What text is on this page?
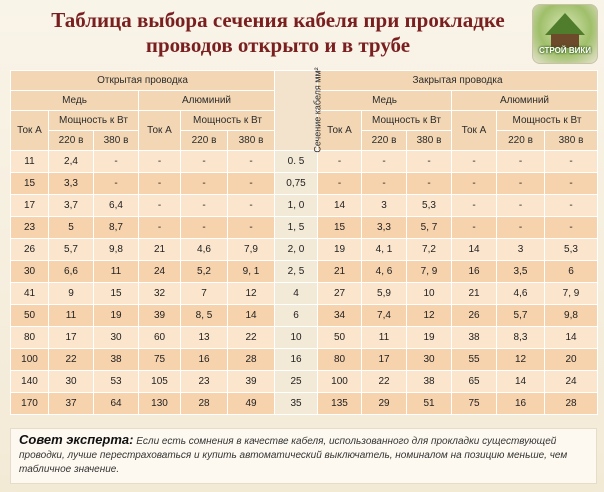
Таблица выбора сечения кабеля при прокладке
проводов открыто и в трубе	СТРОЙ ВИКИ
Открытая проводка						Сечение кабеля мм²	Закрытая проводка					
Медь			Алюминий				Медь			Алюминий		
Ток А	Мощность к Вт		Ток А	Мощность к Вт			Ток А	Мощность к Вт		Ток А	Мощность к Вт	
	220 в	380 в		220 в	380 в			220 в	380 в		220 в	380 в
11	2,4	-	-	-	-	0. 5	-	-	-	-	-	-
15	3,3	-	-	-	-	0,75	-	-	-	-	-	-
17	3,7	6,4	-	-	-	1, 0	14	3	5,3	-	-	-
23	5	8,7	-	-	-	1, 5	15	3,3	5, 7	-	-	-
26	5,7	9,8	21	4,6	7,9	2, 0	19	4, 1	7,2	14	3	5,3
30	6,6	11	24	5,2	9, 1	2, 5	21	4, 6	7, 9	16	3,5	6
41	9	15	32	7	12	4	27	5,9	10	21	4,6	7, 9
50	11	19	39	8, 5	14	6	34	7,4	12	26	5,7	9,8
80	17	30	60	13	22	10	50	11	19	38	8,3	14
100	22	38	75	16	28	16	80	17	30	55	12	20
140	30	53	105	23	39	25	100	22	38	65	14	24
170	37	64	130	28	49	35	135	29	51	75	16	28
Совет эксперта: Если есть сомнения в качестве кабеля, использованного для прокладки существующей проводки, лучше перестраховаться и купить автоматический выключатель, номиналом на позицию меньше, чем табличное значение.
